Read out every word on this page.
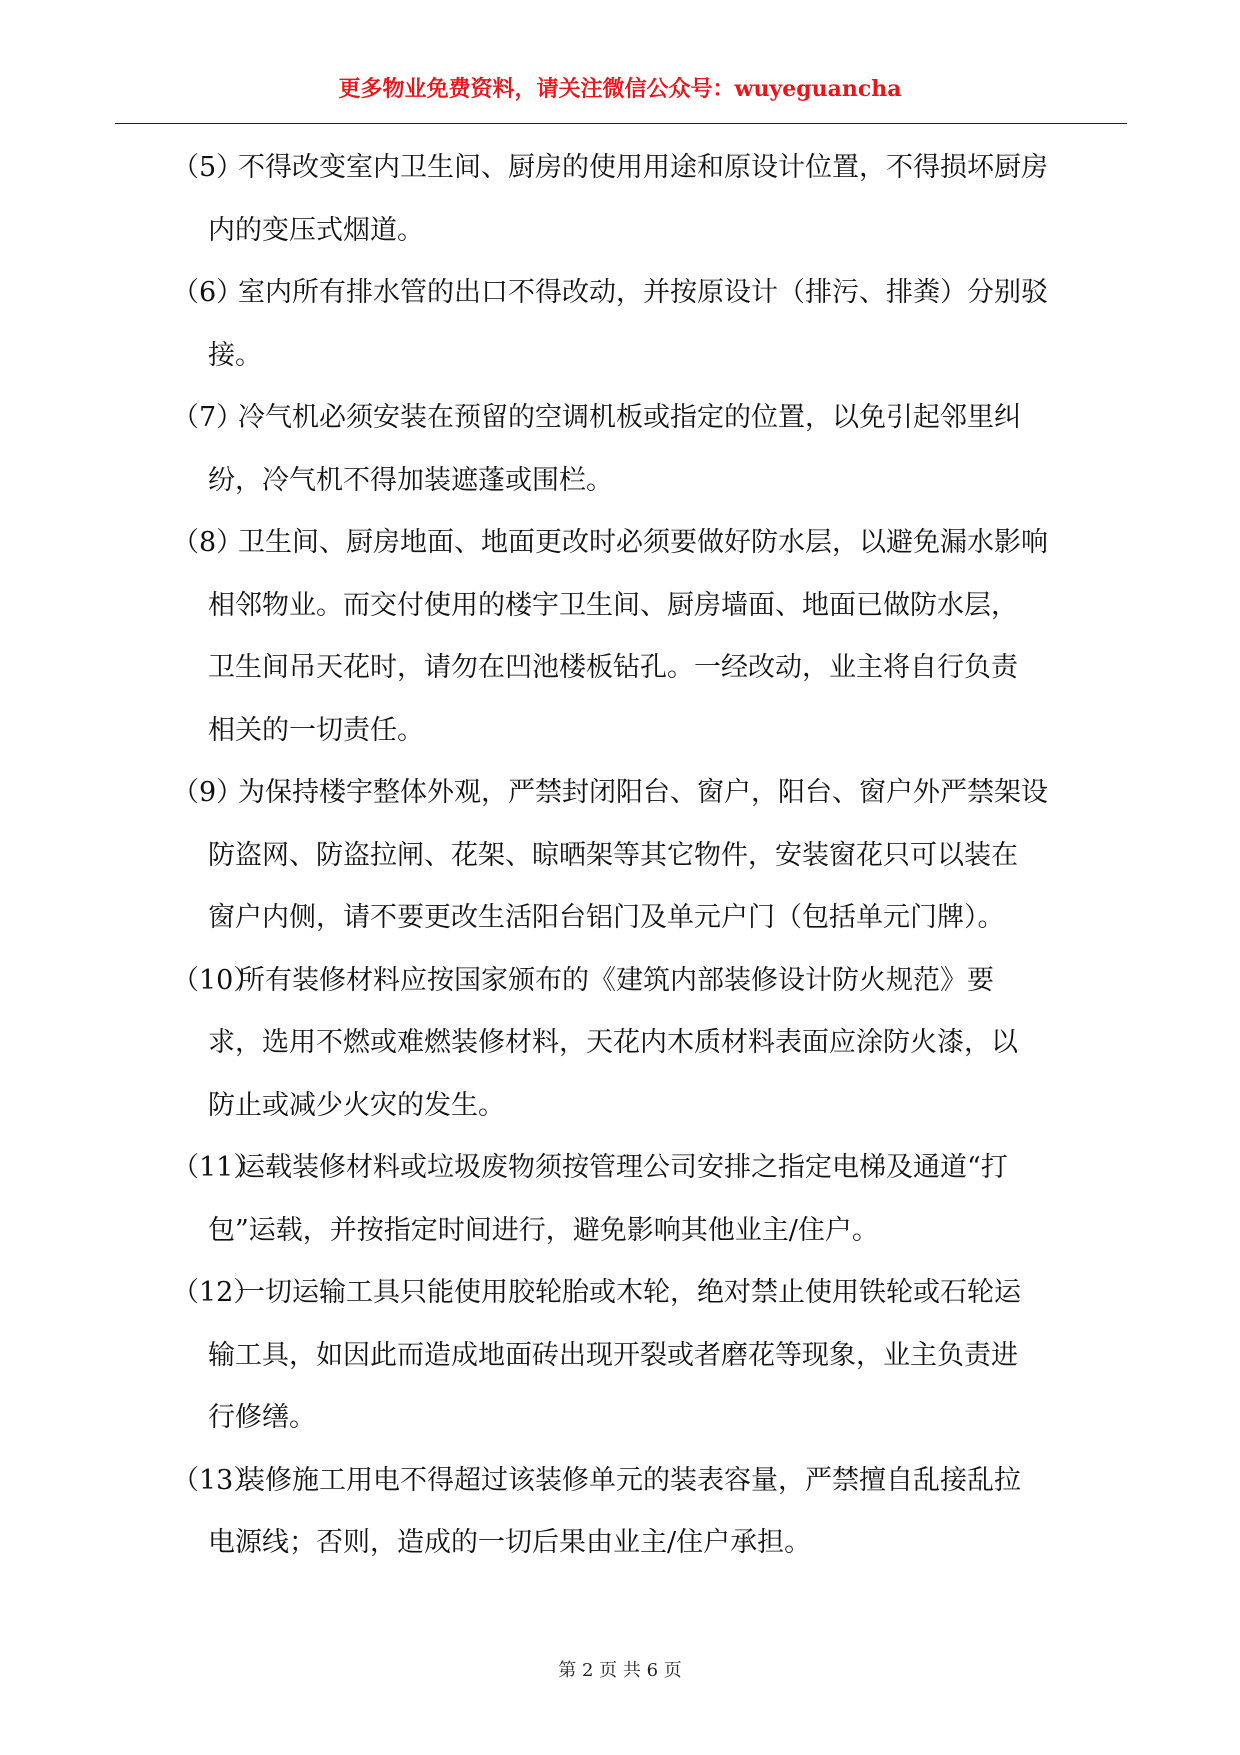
更多物业免费资料，请关注微信公众号：wuyeguancha
（5）
不得改变室内卫生间、厨房的使用用途和原设计位置，不得损坏厨房
内的变压式烟道。
（6）
室内所有排水管的出口不得改动，并按原设计（排污、排粪）分别驳
接。
（7）
冷气机必须安装在预留的空调机板或指定的位置，以免引起邻里纠
纷，冷气机不得加装遮蓬或围栏。
（8）
卫生间、厨房地面、地面更改时必须要做好防水层，以避免漏水影响
相邻物业。而交付使用的楼宇卫生间、厨房墙面、地面已做防水层，
卫生间吊天花时，请勿在凹池楼板钻孔。一经改动，业主将自行负责
相关的一切责任。
（9）
为保持楼宇整体外观，严禁封闭阳台、窗户，阳台、窗户外严禁架设
防盗网、防盗拉闸、花架、晾晒架等其它物件，安装窗花只可以装在
窗户内侧，请不要更改生活阳台铝门及单元户门（包括单元门牌）。
（10）
所有装修材料应按国家颁布的《建筑内部装修设计防火规范》要
求，选用不燃或难燃装修材料，天花内木质材料表面应涂防火漆，以
防止或减少火灾的发生。
（11）
运载装修材料或垃圾废物须按管理公司安排之指定电梯及通道“打
包”运载，并按指定时间进行，避免影响其他业主/住户。
（12）
一切运输工具只能使用胶轮胎或木轮，绝对禁止使用铁轮或石轮运
输工具，如因此而造成地面砖出现开裂或者磨花等现象，业主负责进
行修缮。
（13）
装修施工用电不得超过该装修单元的装表容量，严禁擅自乱接乱拉
电源线；否则，造成的一切后果由业主/住户承担。
第 2 页 共 6 页
